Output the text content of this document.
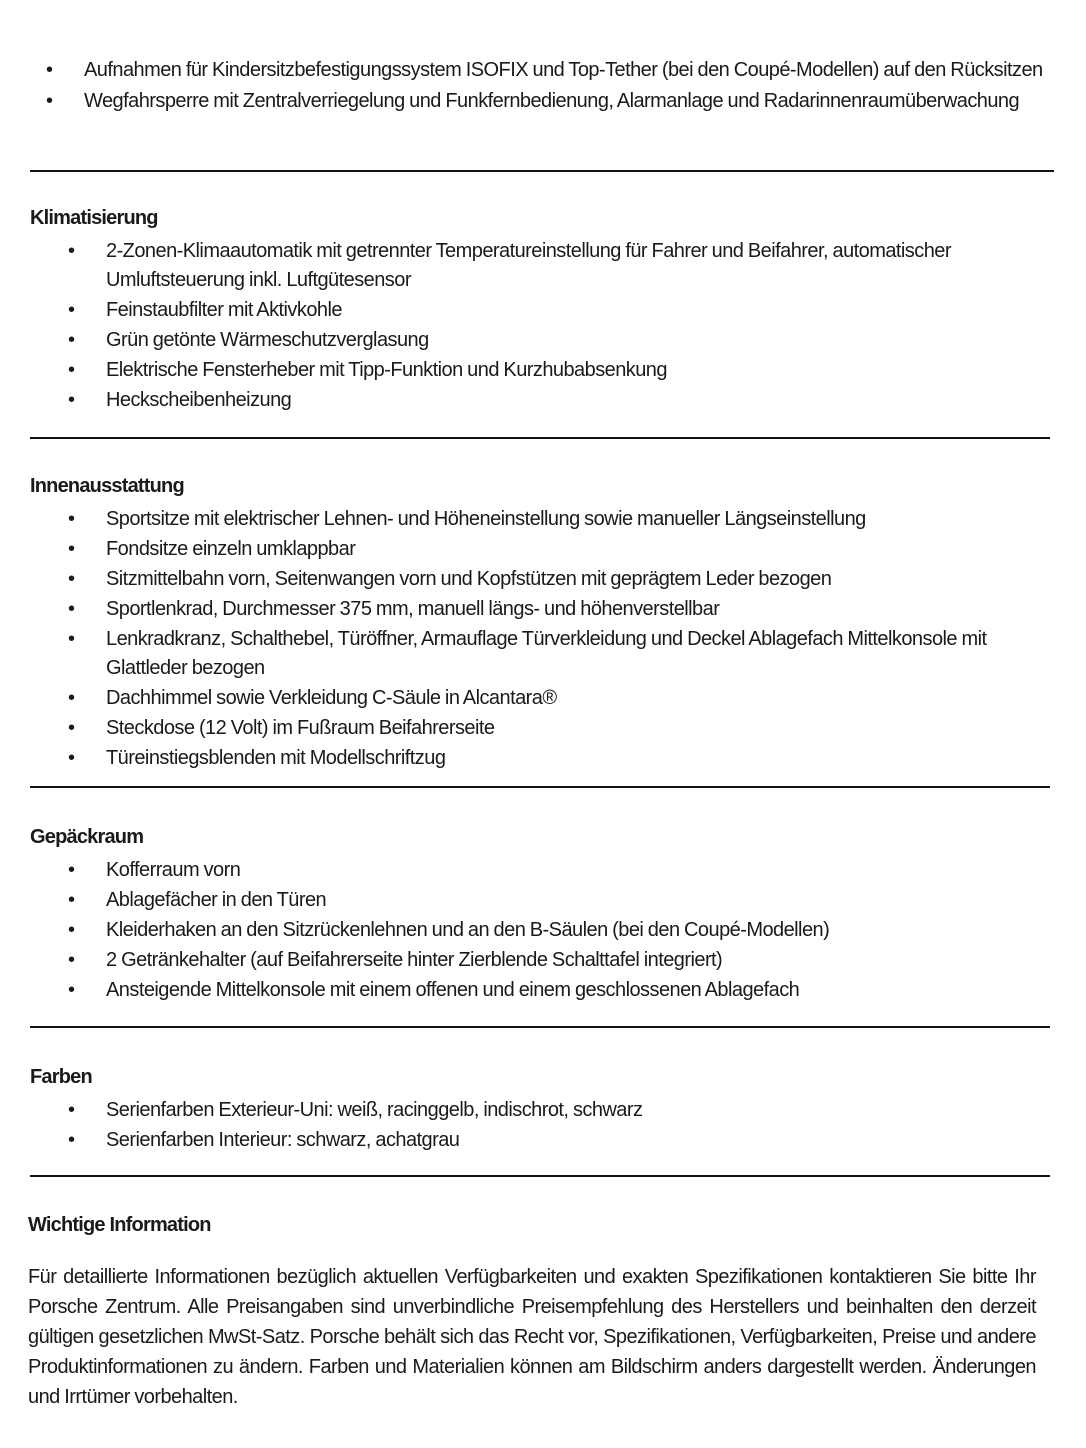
• Aufnahmen für Kindersitzbefestigungssystem ISOFIX und Top-Tether (bei den Coupé-Modellen) auf den Rücksitzen
• Wegfahrsperre mit Zentralverriegelung und Funkfernbedienung, Alarmanlage und Radarinnenraumüberwachung
Klimatisierung
• 2-Zonen-Klimaautomatik mit getrennter Temperatureinstellung für Fahrer und Beifahrer, automatischer Umluftsteuerung inkl. Luftgütesensor
• Feinstaubfilter mit Aktivkohle
• Grün getönte Wärmeschutzverglasung
• Elektrische Fensterheber mit Tipp-Funktion und Kurzhubabsenkung
• Heckscheibenheizung
Innenausstattung
• Sportsitze mit elektrischer Lehnen- und Höheneinstellung sowie manueller Längseinstellung
• Fondsitze einzeln umklappbar
• Sitzmittelbahn vorn, Seitenwangen vorn und Kopfstützen mit geprägtem Leder bezogen
• Sportlenkrad, Durchmesser 375 mm, manuell längs- und höhenverstellbar
• Lenkradkranz, Schalthebel, Türöffner, Armauflage Türverkleidung und Deckel Ablagefach Mittelkonsole mit Glattleder bezogen
• Dachhimmel sowie Verkleidung C-Säule in Alcantara®
• Steckdose (12 Volt) im Fußraum Beifahrerseite
• Türeinstiegsblenden mit Modellschriftzug
Gepäckraum
• Kofferraum vorn
• Ablagefächer in den Türen
• Kleiderhaken an den Sitzrückenlehnen und an den B-Säulen (bei den Coupé-Modellen)
• 2 Getränkehalter (auf Beifahrerseite hinter Zierblende Schalttafel integriert)
• Ansteigende Mittelkonsole mit einem offenen und einem geschlossenen Ablagefach
Farben
• Serienfarben Exterieur-Uni: weiß, racinggelb, indischrot, schwarz
• Serienfarben Interieur: schwarz, achatgrau
Wichtige Information

Für detaillierte Informationen bezüglich aktuellen Verfügbarkeiten und exakten Spezifikationen kontaktieren Sie bitte Ihr Porsche Zentrum. Alle Preisangaben sind unverbindliche Preisempfehlung des Herstellers und beinhalten den derzeit gültigen gesetzlichen MwSt-Satz. Porsche behält sich das Recht vor, Spezifikationen, Verfügbarkeiten, Preise und andere Produktinformationen zu ändern. Farben und Materialien können am Bildschirm anders dargestellt werden. Änderungen und Irrtümer vorbehalten.
